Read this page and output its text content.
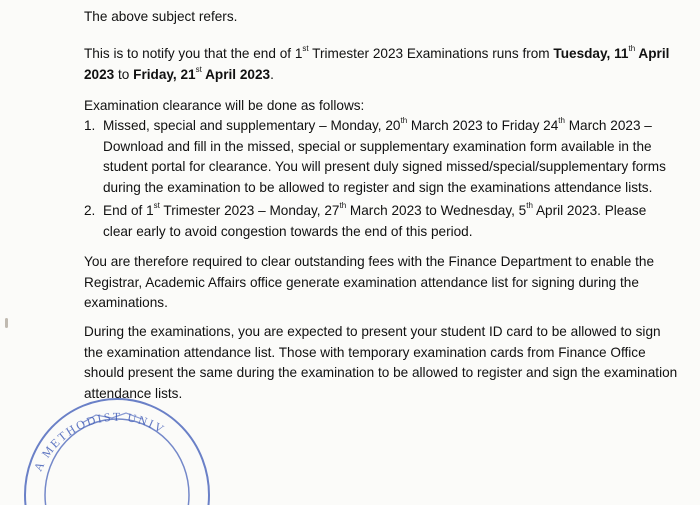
The above subject refers.

This is to notify you that the end of 1st Trimester 2023 Examinations runs from Tuesday, 11th April
2023 to Friday, 21st April 2023.

Examination clearance will be done as follows:

1. Missed, special and supplementary – Monday, 20th March 2023 to Friday 24th March 2023 –
Download and fill in the missed, special or supplementary examination form available in the
student portal for clearance. You will present duly signed missed/special/supplementary forms
during the examination to be allowed to register and sign the examinations attendance lists.
2. End of 1st Trimester 2023 – Monday, 27th March 2023 to Wednesday, 5th April 2023. Please
clear early to avoid congestion towards the end of this period.

You are therefore required to clear outstanding fees with the Finance Department to enable the
Registrar, Academic Affairs office generate examination attendance list for signing during the
examinations.

During the examinations, you are expected to present your student ID card to be allowed to sign
the examination attendance list. Those with temporary examination cards from Finance Office
should present the same during the examination to be allowed to register and sign the examination
attendance lists.

A METHODIST UNIV
